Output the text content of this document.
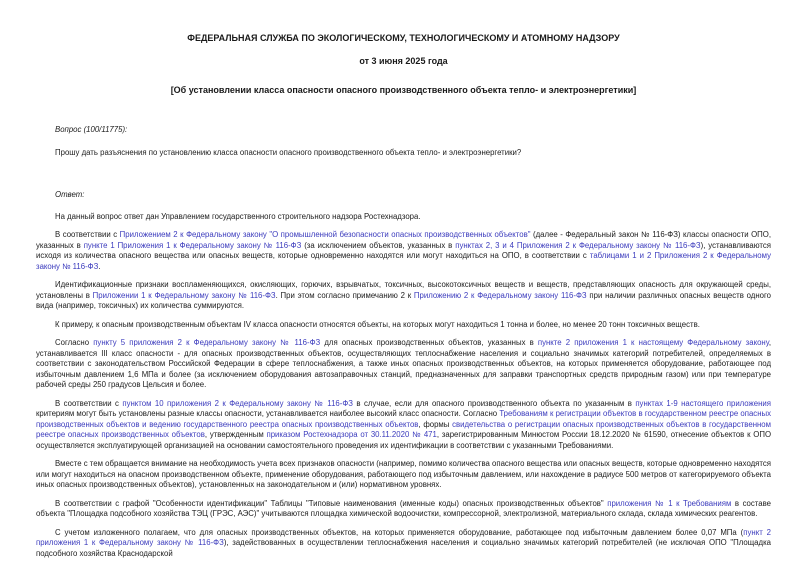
ФЕДЕРАЛЬНАЯ СЛУЖБА ПО ЭКОЛОГИЧЕСКОМУ, ТЕХНОЛОГИЧЕСКОМУ И АТОМНОМУ НАДЗОРУ
от 3 июня 2025 года
[Об установлении класса опасности опасного производственного объекта тепло- и электроэнергетики]

Вопрос (100/11775):

Прошу дать разъяснения по установлению класса опасности опасного производственного объекта тепло- и электроэнергетики?

Ответ:

На данный вопрос ответ дан Управлением государственного строительного надзора Ростехнадзора.

В соответствии с Приложением 2 к Федеральному закону "О промышленной безопасности опасных производственных объектов" (далее - Федеральный закон № 116-ФЗ) классы опасности ОПО, указанных в пункте 1 Приложения 1 к Федеральному закону № 116-ФЗ (за исключением объектов, указанных в пунктах 2, 3 и 4 Приложения 2 к Федеральному закону № 116-ФЗ), устанавливаются исходя из количества опасного вещества или опасных веществ, которые одновременно находятся или могут находиться на ОПО, в соответствии с таблицами 1 и 2 Приложения 2 к Федеральному закону № 116-ФЗ.

Идентификационные признаки воспламеняющихся, окисляющих, горючих, взрывчатых, токсичных, высокотоксичных веществ и веществ, представляющих опасность для окружающей среды, установлены в Приложении 1 к Федеральному закону № 116-ФЗ. При этом согласно примечанию 2 к Приложению 2 к Федеральному закону 116-ФЗ при наличии различных опасных веществ одного вида (например, токсичных) их количества суммируются.

К примеру, к опасным производственным объектам IV класса опасности относятся объекты, на которых могут находиться 1 тонна и более, но менее 20 тонн токсичных веществ.

Согласно пункту 5 приложения 2 к Федеральному закону № 116-ФЗ для опасных производственных объектов, указанных в пункте 2 приложения 1 к настоящему Федеральному закону, устанавливается III класс опасности - для опасных производственных объектов, осуществляющих теплоснабжение населения и социально значимых категорий потребителей, определяемых в соответствии с законодательством Российской Федерации в сфере теплоснабжения, а также иных опасных производственных объектов, на которых применяется оборудование, работающее под избыточным давлением 1,6 МПа и более (за исключением оборудования автозаправочных станций, предназначенных для заправки транспортных средств природным газом) или при температуре рабочей среды 250 градусов Цельсия и более.

В соответствии с пунктом 10 приложения 2 к Федеральному закону № 116-ФЗ в случае, если для опасного производственного объекта по указанным в пунктах 1-9 настоящего приложения критериям могут быть установлены разные классы опасности, устанавливается наиболее высокий класс опасности. Согласно Требованиям к регистрации объектов в государственном реестре опасных производственных объектов и ведению государственного реестра опасных производственных объектов, формы свидетельства о регистрации опасных производственных объектов в государственном реестре опасных производственных объектов, утвержденным приказом Ростехнадзора от 30.11.2020 № 471, зарегистрированным Минюстом России 18.12.2020 № 61590, отнесение объектов к ОПО осуществляется эксплуатирующей организацией на основании самостоятельного проведения их идентификации в соответствии с указанными Требованиями.

Вместе с тем обращается внимание на необходимость учета всех признаков опасности (например, помимо количества опасного вещества или опасных веществ, которые одновременно находятся или могут находиться на опасном производственном объекте, применение оборудования, работающего под избыточным давлением, или нахождение в радиусе 500 метров от категорируемого объекта иных опасных производственных объектов), установленных на законодательном и (или) нормативном уровнях.

В соответствии с графой "Особенности идентификации" Таблицы "Типовые наименования (именные коды) опасных производственных объектов" приложения № 1 к Требованиям в составе объекта "Площадка подсобного хозяйства ТЭЦ (ГРЭС, АЭС)" учитываются площадка химической водоочистки, компрессорной, электролизной, материального склада, склада химических реагентов.

С учетом изложенного полагаем, что для опасных производственных объектов, на которых применяется оборудование, работающее под избыточным давлением более 0,07 МПа (пункт 2 приложения 1 к Федеральному закону № 116-ФЗ), задействованных в осуществлении теплоснабжения населения и социально значимых категорий потребителей (не исключая ОПО "Площадка подсобного хозяйства Краснодарской
